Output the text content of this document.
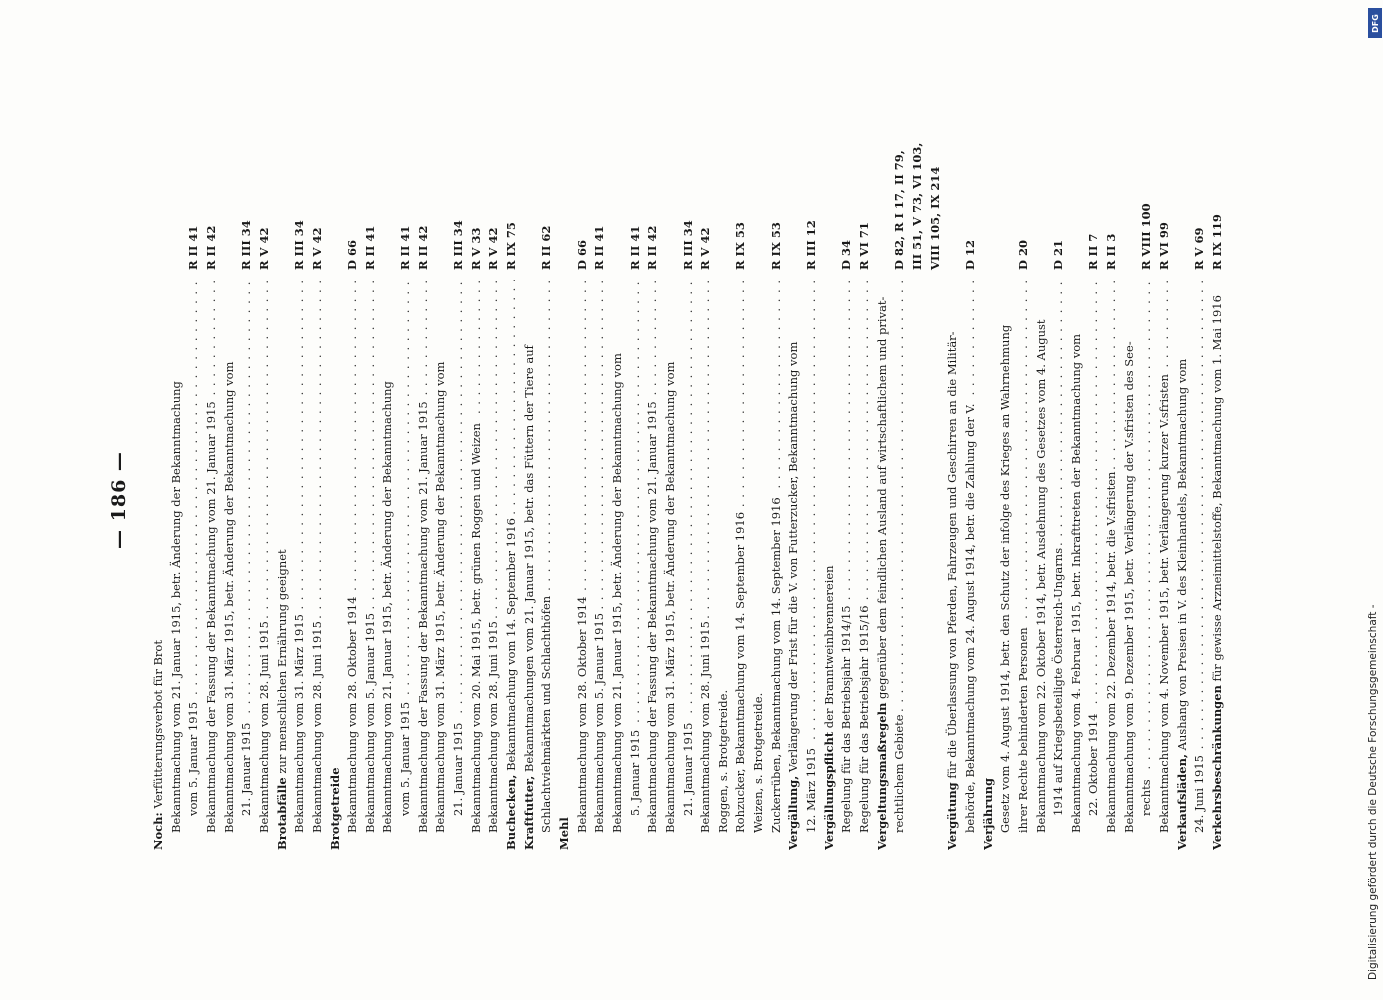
— 186 —
Noch: Verfütterungsverbot für Brot Bekanntmachung vom 21. Januar 1915, betr. Änderung der Bekanntmachung vom 5. Januar 1915 . . .
R II 41
Bekanntmachung der Fassung der Bekanntmachung vom 21. Januar 1915 . . .
R II 42
Bekanntmachung vom 31. März 1915, betr. Änderung der Bekanntmachung vom 21. Januar 1915 . . .
R III 34
Bekanntmachung vom 28. Juni 1915 . . .
R V 42
Brotabfälle zur menschlichen Ernährung geeignet Bekanntmachung vom 31. März 1915 . . .
R III 34
Bekanntmachung vom 28. Juni 1915 . . .
R V 42
Brotgetreide Bekanntmachung vom 28. Oktober 1914 . . .
D 66
Bekanntmachung vom 5. Januar 1915 . . .
R II 41
Bekanntmachung vom 21. Januar 1915, betr. Änderung der Bekanntmachung vom 5. Januar 1915 . . .
R II 41
Bekanntmachung der Fassung der Bekanntmachung vom 21. Januar 1915 . . .
R II 42
Bekanntmachung vom 31. März 1915, betr. Änderung der Bekanntmachung vom 21. Januar 1915 . . .
R III 34
Bekanntmachung vom 20. Mai 1915, betr. grünen Roggen und Weizen . . .
R V 33
Bekanntmachung vom 28. Juni 1915 . . .
R V 42
Buchecken, Bekanntmachung vom 14. September 1916 . . .
R IX 75
Kraftfutter, Bekanntmachungen vom 21. Januar 1915, betr. das Füttern der Tiere auf Schlachtviehmärkten und Schlachthöfen . . .
R II 62
Mehl
Bekanntmachung vom 28. Oktober 1914 . . .
D 66
Bekanntmachung vom 5. Januar 1915 . . .
R II 41
Bekanntmachung vom 21. Januar 1915, betr. Änderung der Bekanntmachung vom 5. Januar 1915 . . .
R II 41
Bekanntmachung der Fassung der Bekanntmachung vom 21. Januar 1915 . . .
R II 42
Bekanntmachung vom 31. März 1915, betr. Änderung der Bekanntmachung vom 21. Januar 1915 . . .
R III 34
Bekanntmachung vom 28. Juni 1915 . . .
R V 42
Roggen, s. Brotgetreide. Rohzucker, Bekanntmachung vom 14. September 1916 . . .
R IX 53
Weizen, s. Brotgetreide. Zuckerrüben, Bekanntmachung vom 14. September 1916 . . .
R IX 53
Vergällung, Verlängerung der Frist für die V. von Futterzucker, Bekanntmachung vom
12. März 1915 . . .
R III 12
Vergällungspflicht der Branntweinbrennereien Regelung für das Betriebsjahr 1914/15 . . .
D 34
Regelung für das Betriebsjahr 1915/16 . . .
R VI 71
Vergeltungsmaßregeln gegenüber dem feindlichen Ausland auf wirtschaftlichem und privat-
rechtlichem Gebiete . . .
D 82, R I 17, II 79, III 51, V 73, VI 103, VIII 105, IX 214
Vergütung für die Überlassung von Pferden, Fahrzeugen und Geschirren an die Militär- behörde, Bekanntmachung vom 24. August 1914, betr. die Zahlung der V. . . .
D 12
Verjährung Gesetz vom 4. August 1914, betr. den Schutz der infolge des Krieges an Wahrnehmung ihrer Rechte behinderten Personen . . .
D 20
Bekanntmachung vom 22. Oktober 1914, betr. Ausdehnung des Gesetzes vom 4. August 1914 auf Kriegsbeteiligte Österreich-Ungarns . . .
D 21
Bekanntmachung vom 4. Februar 1915, betr. Inkrafttreten der Bekanntmachung vom 22. Oktober 1914 . . .
R II 7
Bekanntmachung vom 22. Dezember 1914, betr. die V.sfristen . . .
R II 3
Bekanntmachung vom 9. Dezember 1915, betr. Verlängerung der V.sfristen des See- rechts . . .
R VIII 100
Bekanntmachung vom 4. November 1915, betr. Verlängerung kurzer V.sfristen . . .
R VI 99
Verkaufsläden, Aushang von Preisen in V. des Kleinhandels, Bekanntmachung vom
24. Juni 1915 . . .
R V 69
Verkehrsbeschränkungen für gewisse Arzneimittelstoffe, Bekanntmachung vom 1. Mai 1916
R IX 119
Digitalisierung gefördert durch die Deutsche Forschungsgemeinschaft -
DFG
